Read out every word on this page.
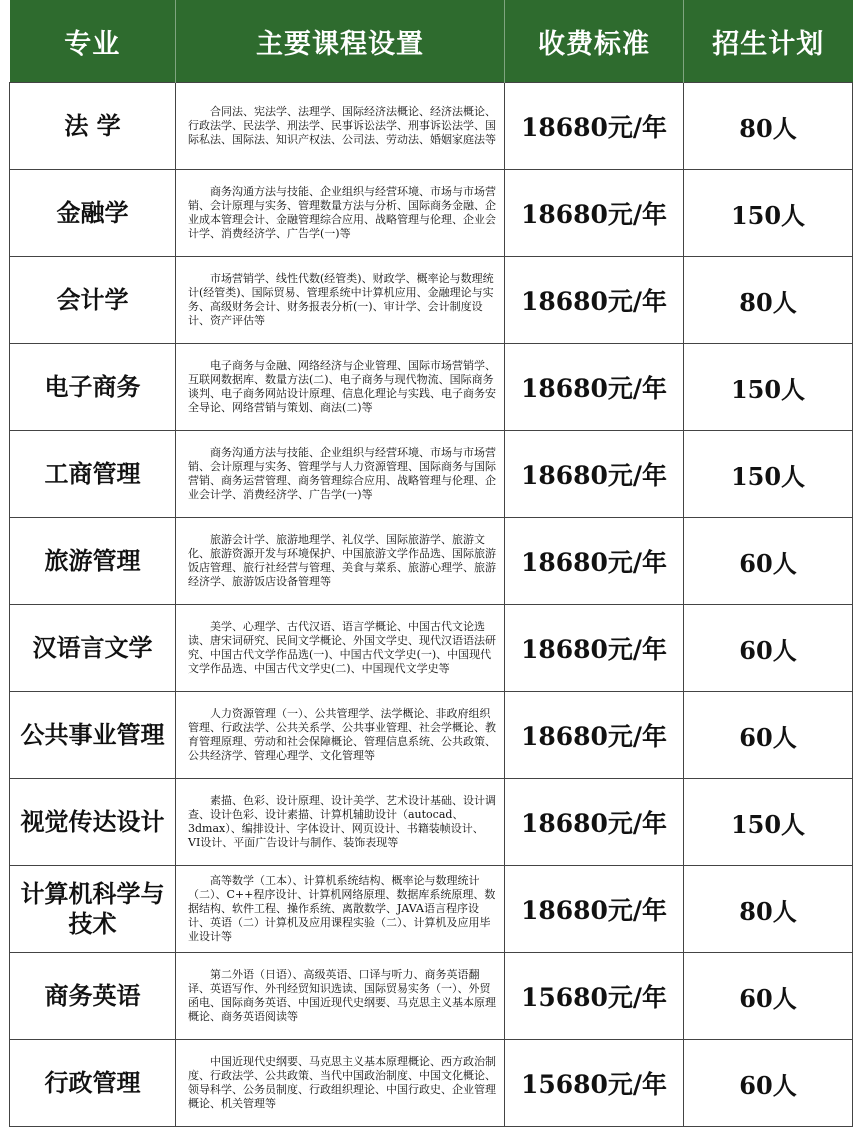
专业	主要课程设置	收费标准	招生计划
法 学	合同法、宪法学、法理学、国际经济法概论、经济法概论、行政法学、民法学、刑法学、民事诉讼法学、刑事诉讼法学、国际私法、国际法、知识产权法、公司法、劳动法、婚姻家庭法等	18680元/年	80人
金融学	商务沟通方法与技能、企业组织与经营环境、市场与市场营销、会计原理与实务、管理数量方法与分析、国际商务金融、企业成本管理会计、金融管理综合应用、战略管理与伦理、企业会计学、消费经济学、广告学(一)等	18680元/年	150人
会计学	市场营销学、线性代数(经管类)、财政学、概率论与数理统计(经管类)、国际贸易、管理系统中计算机应用、金融理论与实务、高级财务会计、财务报表分析(一)、审计学、会计制度设计、资产评估等	18680元/年	80人
电子商务	电子商务与金融、网络经济与企业管理、国际市场营销学、互联网数据库、数量方法(二)、电子商务与现代物流、国际商务谈判、电子商务网站设计原理、信息化理论与实践、电子商务安全导论、网络营销与策划、商法(二)等	18680元/年	150人
工商管理	商务沟通方法与技能、企业组织与经营环境、市场与市场营销、会计原理与实务、管理学与人力资源管理、国际商务与国际营销、商务运营管理、商务管理综合应用、战略管理与伦理、企业会计学、消费经济学、广告学(一)等	18680元/年	150人
旅游管理	旅游会计学、旅游地理学、礼仪学、国际旅游学、旅游文化、旅游资源开发与环境保护、中国旅游文学作品选、国际旅游饭店管理、旅行社经营与管理、美食与菜系、旅游心理学、旅游经济学、旅游饭店设备管理等	18680元/年	60人
汉语言文学	美学、心理学、古代汉语、语言学概论、中国古代文论选读、唐宋词研究、民间文学概论、外国文学史、现代汉语语法研究、中国古代文学作品选(一)、中国古代文学史(一)、中国现代文学作品选、中国古代文学史(二)、中国现代文学史等	18680元/年	60人
公共事业管理	人力资源管理（一）、公共管理学、法学概论、非政府组织管理、行政法学、公共关系学、公共事业管理、社会学概论、教育管理原理、劳动和社会保障概论、管理信息系统、公共政策、公共经济学、管理心理学、文化管理等	18680元/年	60人
视觉传达设计	素描、色彩、设计原理、设计美学、艺术设计基础、设计调查、设计色彩、设计素描、计算机辅助设计（autocad、3dmax）、编排设计、字体设计、网页设计、书籍装帧设计、VI设计、平面广告设计与制作、装饰表现等	18680元/年	150人
计算机科学与技术	高等数学（工本）、计算机系统结构、概率论与数理统计（二）、C++程序设计、计算机网络原理、数据库系统原理、数据结构、软件工程、操作系统、离散数学、JAVA语言程序设计、英语（二）计算机及应用课程实验（二）、计算机及应用毕业设计等	18680元/年	80人
商务英语	第二外语（日语）、高级英语、口译与听力、商务英语翻译、英语写作、外刊经贸知识选读、国际贸易实务（一）、外贸函电、国际商务英语、中国近现代史纲要、马克思主义基本原理概论、商务英语阅读等	15680元/年	60人
行政管理	中国近现代史纲要、马克思主义基本原理概论、西方政治制度、行政法学、公共政策、当代中国政治制度、中国文化概论、领导科学、公务员制度、行政组织理论、中国行政史、企业管理概论、机关管理等	15680元/年	60人
